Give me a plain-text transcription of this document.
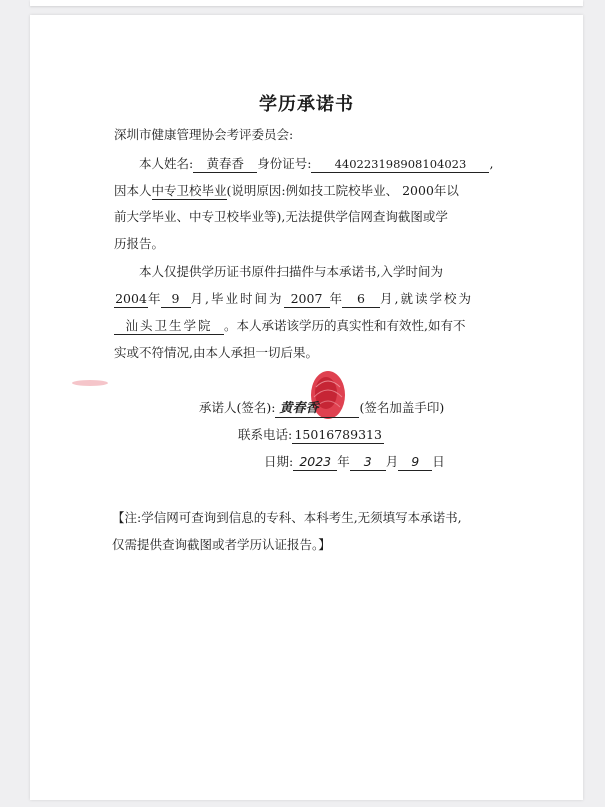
学历承诺书
深圳市健康管理协会考评委员会:
本人姓名: 黄春香 身份证号: 440223198908104023 ,
因本人中专卫校毕业(说明原因:例如技工院校毕业、 2000年以
前大学毕业、中专卫校毕业等),无法提供学信网查询截图或学
历报告。
本人仅提供学历证书原件扫描件与本承诺书,入学时间为
2004年 9 月,毕业时间为 2007 年 6 月,就读学校为
汕头卫生学院 。本人承诺该学历的真实性和有效性,如有不
实或不符情况,由本人承担一切后果。
承诺人(签名): 黄春香	(签名加盖手印)
联系电话: 15016789313
日期: 2023 年 3 月 9 日
【注:学信网可查询到信息的专科、本科考生,无须填写本承诺书,
仅需提供查询截图或者学历认证报告。】
